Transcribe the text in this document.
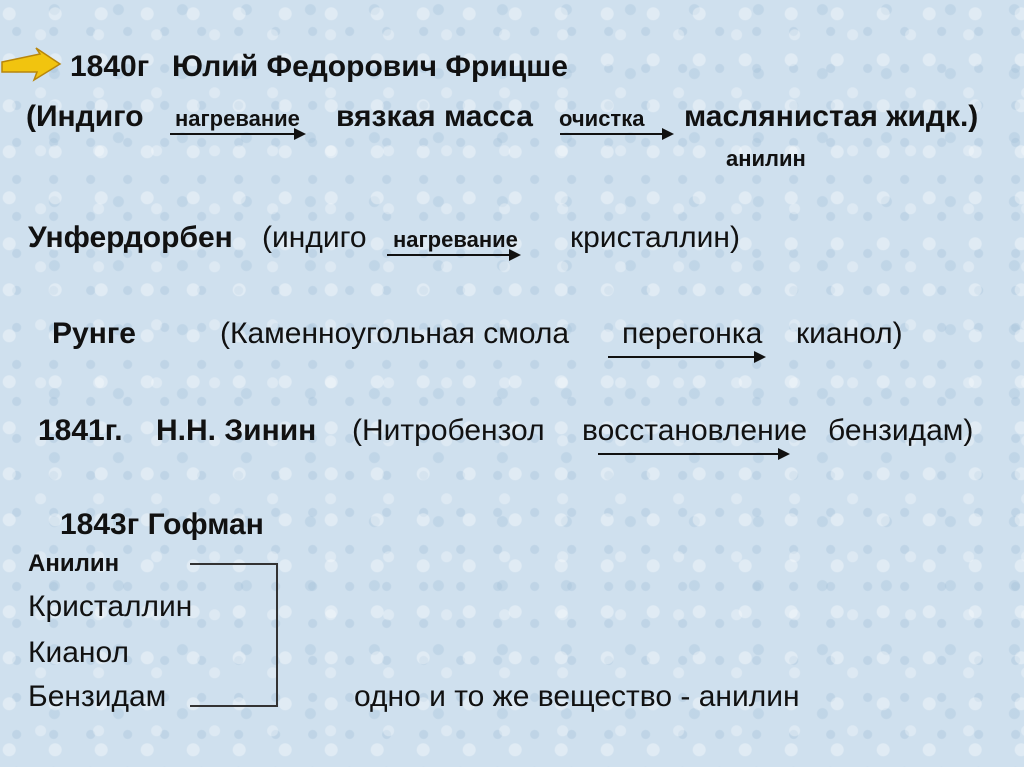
1840г Юлий Федорович Фрицше
(Индиго нагревание вязкая масса очистка маслянистая жидк.)
анилин
Унфердорбен (индиго нагревание кристаллин)
Рунге	(Каменноугольная смола перегонка кианол)
1841г. Н.Н. Зинин (Нитробензол восстановление бензидам)
1843г Гофман
Анилин
Кристаллин
Кианол
Бензидам	одно и то же вещество - анилин
